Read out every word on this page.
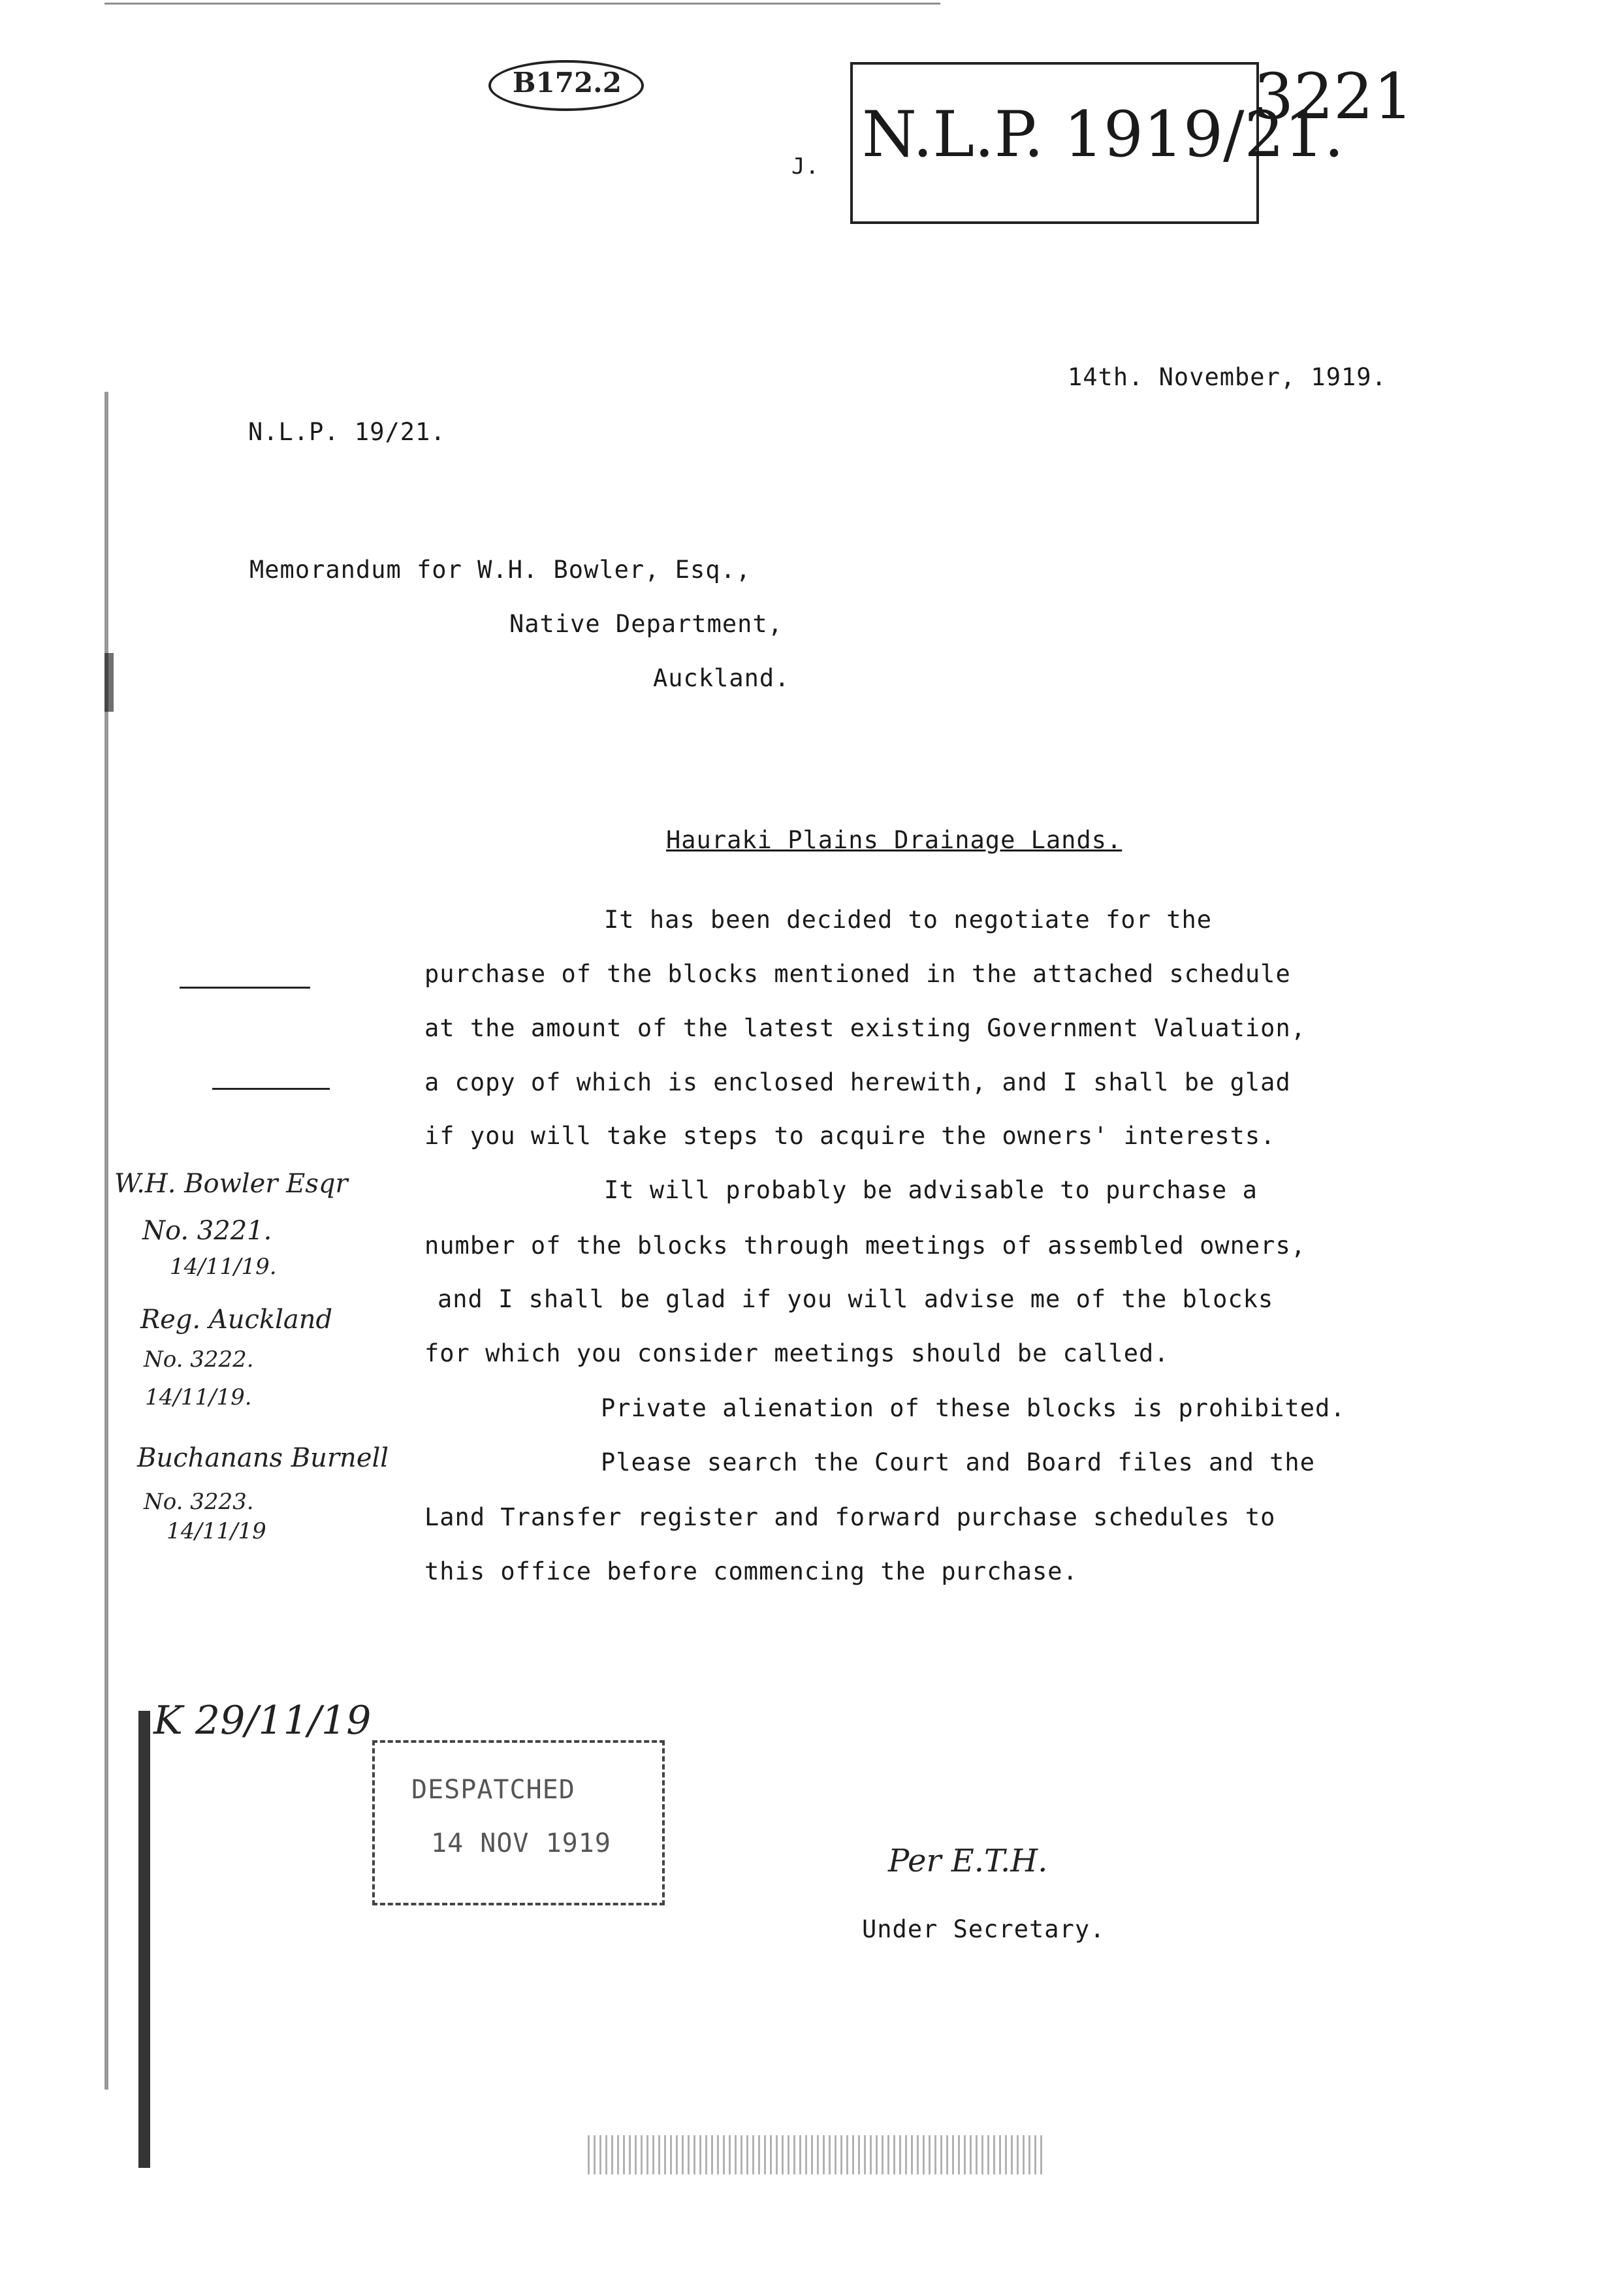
B172.2
J. N.L.P. 1919/21.
3221
14th. November, 1919.
N.L.P. 19/21.
Memorandum for W.H. Bowler, Esq.,
Native Department,
Auckland.
Hauraki Plains Drainage Lands.
It has been decided to negotiate for the
purchase of the blocks mentioned in the attached schedule
at the amount of the latest existing Government Valuation,
a copy of which is enclosed herewith, and I shall be glad
if you will take steps to acquire the owners' interests.
It will probably be advisable to purchase a
number of the blocks through meetings of assembled owners,
and I shall be glad if you will advise me of the blocks
for which you consider meetings should be called.
Private alienation of these blocks is prohibited.
Please search the Court and Board files and the
Land Transfer register and forward purchase schedules to
this office before commencing the purchase.
W.H. Bowler Esqr
No. 3221.
14/11/19.
Reg. Auckland
No. 3222.
14/11/19.
Buchanans Burnell
No. 3223.
14/11/19
K 29/11/19
DESPATCHED
14 NOV 1919	Per E.T.H.
Under Secretary.
